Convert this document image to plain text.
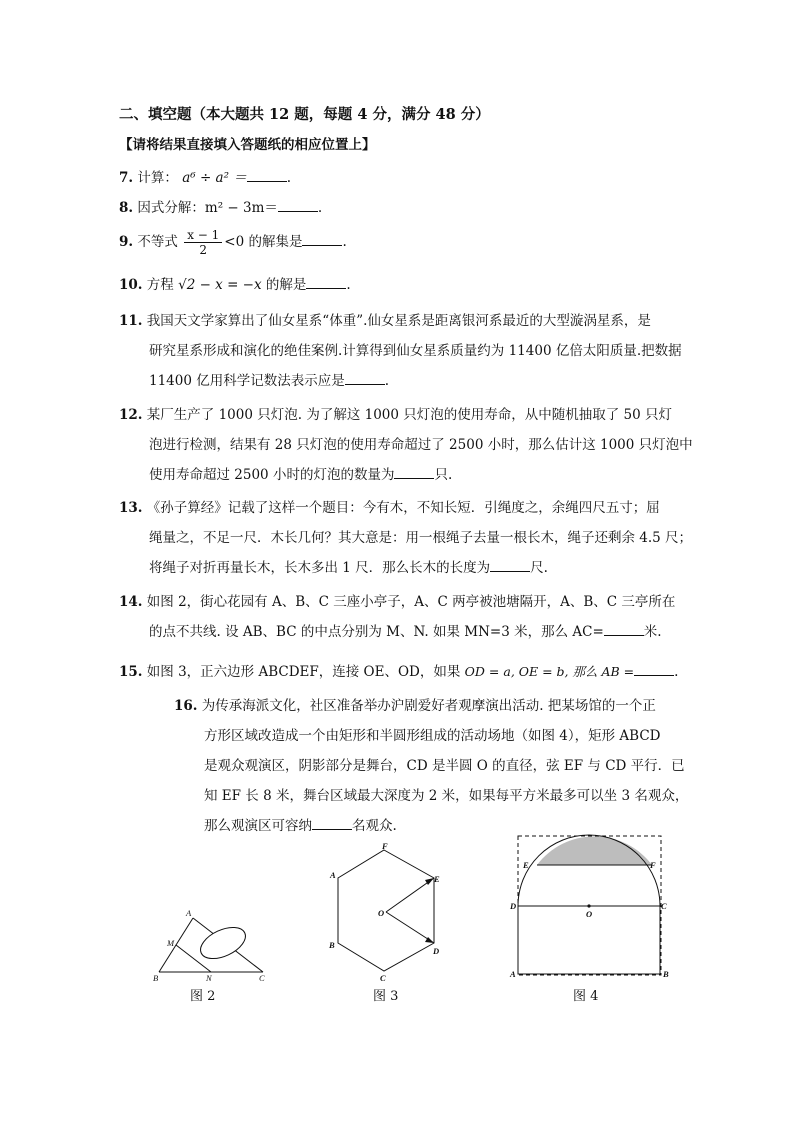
二、填空题（本大题共 12 题，每题 4 分，满分 48 分）
【请将结果直接填入答题纸的相应位置上】
7. 计算： a⁶ ÷ a² ＝	.
8. 因式分解：m² − 3m＝	.
9. 不等式 $\frac{x - 1}{2} <0$ 的解集是	.
10. 方程 √2 − x = −x 的解是	.
11. 我国天文学家算出了仙女星系“体重”.仙女星系是距离银河系最近的大型漩涡星系，是
研究星系形成和演化的绝佳案例.计算得到仙女星系质量约为 11400 亿倍太阳质量.把数据
11400 亿用科学记数法表示应是	.
12. 某厂生产了 1000 只灯泡. 为了解这 1000 只灯泡的使用寿命，从中随机抽取了 50 只灯
泡进行检测，结果有 28 只灯泡的使用寿命超过了 2500 小时，那么估计这 1000 只灯泡中
使用寿命超过 2500 小时的灯泡的数量为	只.
13. 《孙子算经》记载了这样一个题目：今有木，不知长短．引绳度之，余绳四尺五寸；屈
绳量之，不足一尺．木长几何？其大意是：用一根绳子去量一根长木，绳子还剩余 4.5 尺；
将绳子对折再量长木，长木多出 1 尺．那么长木的长度为	尺.
14. 如图 2，街心花园有 A、B、C 三座小亭子，A、C 两亭被池塘隔开，A、B、C 三亭所在
的点不共线. 设 AB、BC 的中点分别为 M、N. 如果 MN=3 米，那么 AC=	米.
15. 如图 3，正六边形 ABCDEF，连接 OE、OD，如果 OD = a, OE = b, 那么 AB =	.
16. 为传承海派文化，社区准备举办沪剧爱好者观摩演出活动. 把某场馆的一个正
方形区域改造成一个由矩形和半圆形组成的活动场地（如图 4），矩形 ABCD
是观众观演区，阴影部分是舞台，CD 是半圆 O 的直径，弦 EF 与 CD 平行．已
知 EF 长 8 米，舞台区域最大深度为 2 米，如果每平方米最多可以坐 3 名观众，
那么观演区可容纳	名观众.
A
B	C
M
N
图 2
F
E
A
O
B
D
C
图 3
E	F
D	C
O
A	B
图 4
